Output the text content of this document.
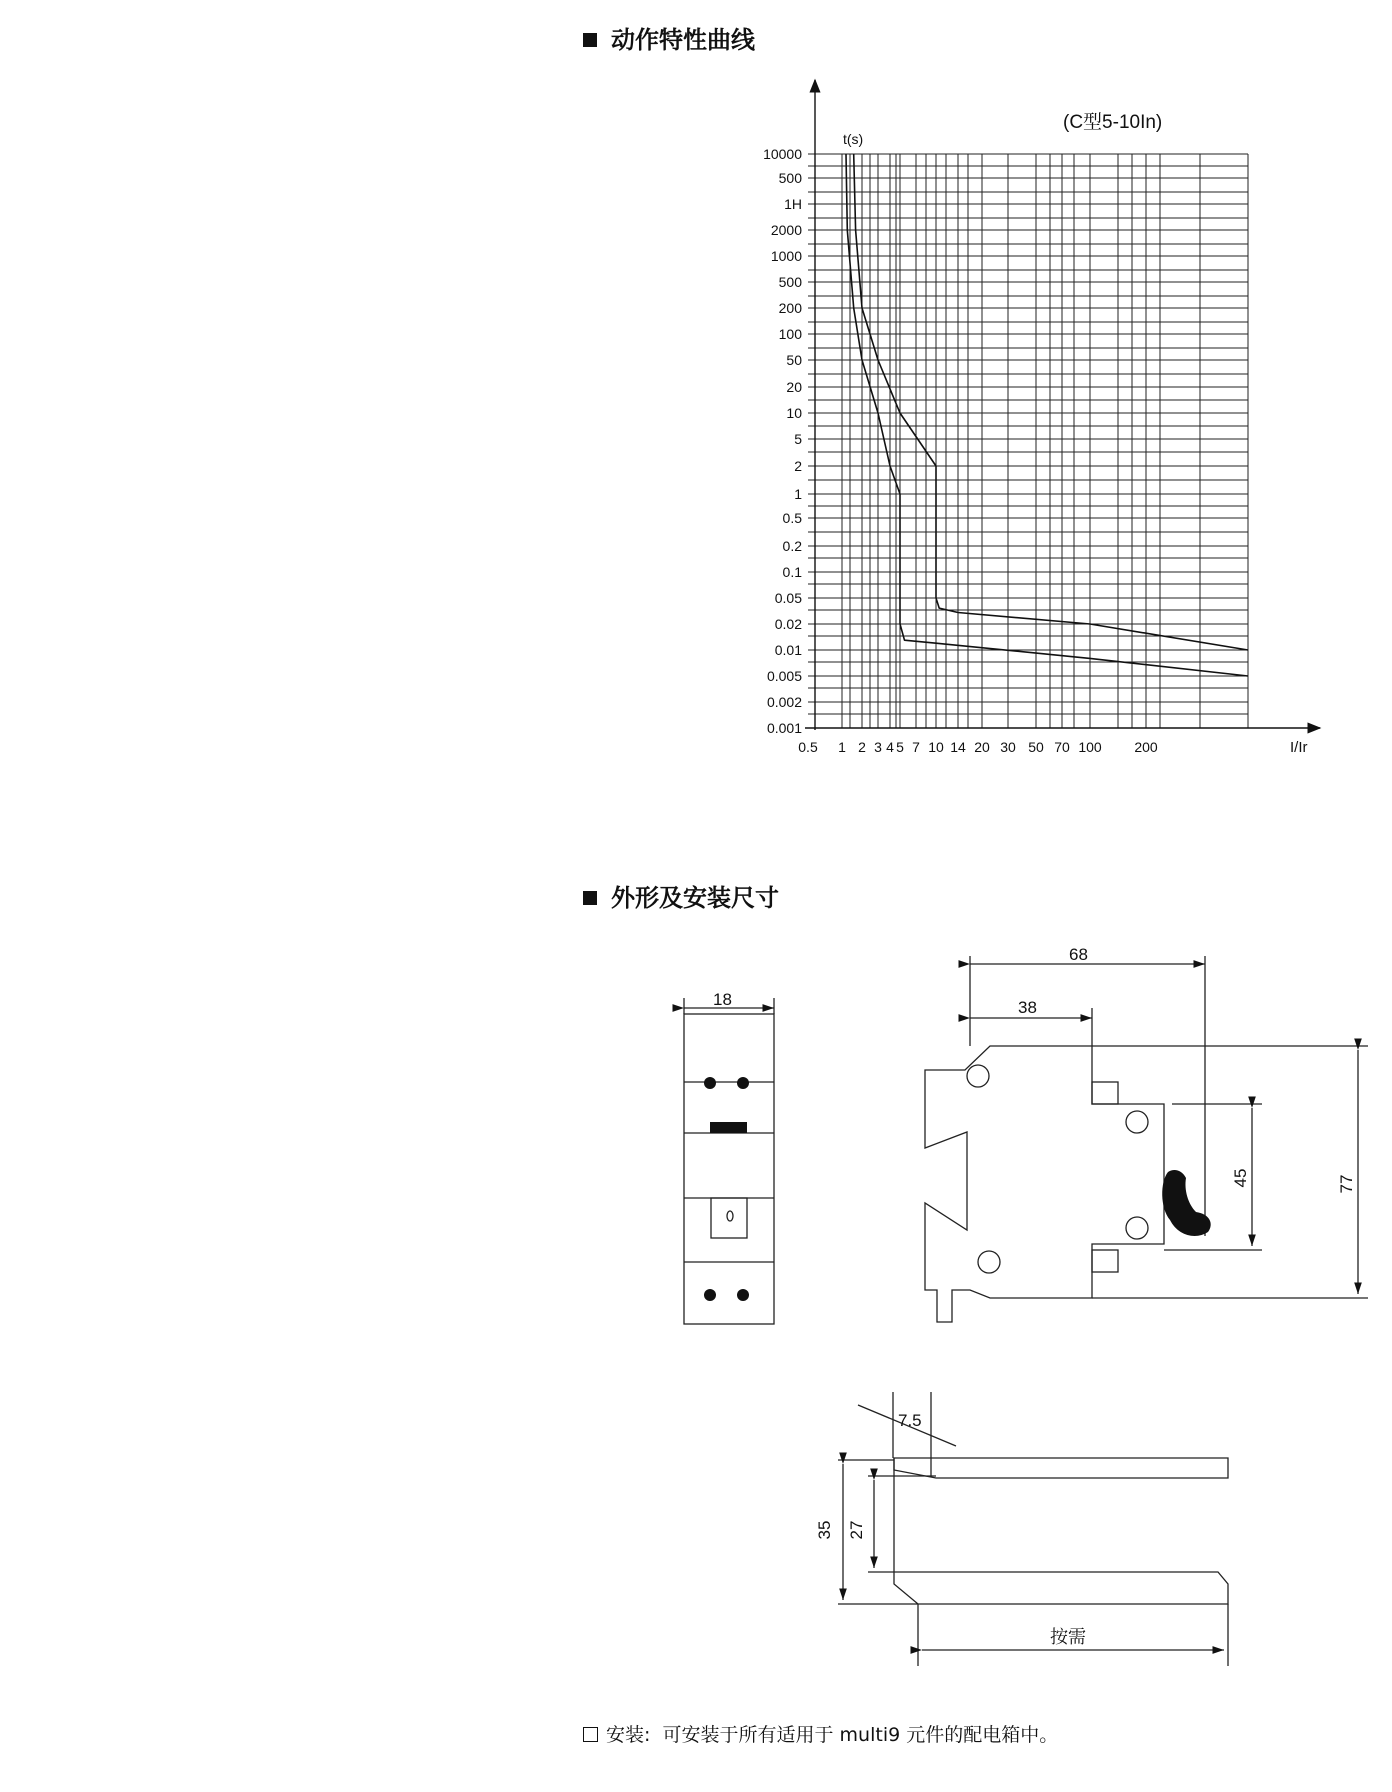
动作特性曲线
外形及安装尺寸
(C型5-10In)
t(s)
I/Ir
10000
500
1H
2000
1000
500
200
100
50
20
10
5
2
1
0.5
0.2
0.1
0.05
0.02
0.01
0.005
0.002
0.001
0.5 1 2 3 4 5 7 10 14 20 30 50 70 100 200
18
68
38
77
45
7.5
35 27
按需
安装: 可安装于所有适用于 multi9 元件的配电箱中。
